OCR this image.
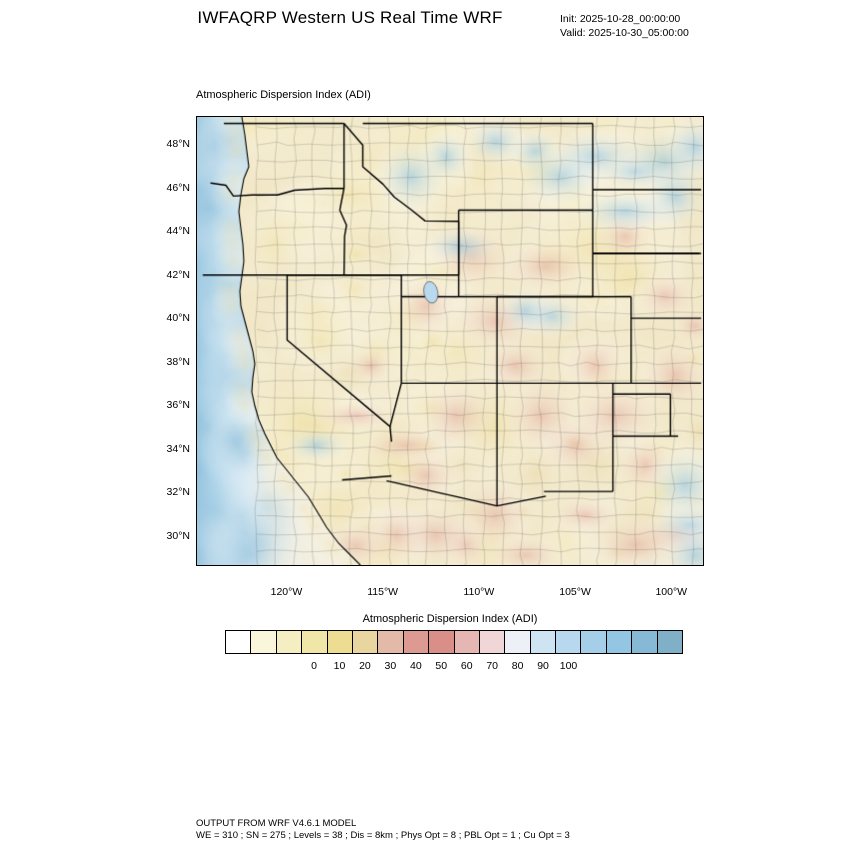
IWFAQRP Western US Real Time WRF	Init: 2025-10-28_00:00:00
Valid: 2025-10-30_05:00:00
Atmospheric Dispersion Index (ADI)
48°N
46°N
44°N
42°N
40°N
38°N
36°N
34°N
32°N
30°N
120°W	115°W	110°W	105°W	100°W
Atmospheric Dispersion Index (ADI)
0 10 20 30 40 50 60 70 80 90 100
OUTPUT FROM WRF V4.6.1 MODEL
WE = 310 ; SN = 275 ; Levels = 38 ; Dis = 8km ; Phys Opt = 8 ; PBL Opt = 1 ; Cu Opt = 3
